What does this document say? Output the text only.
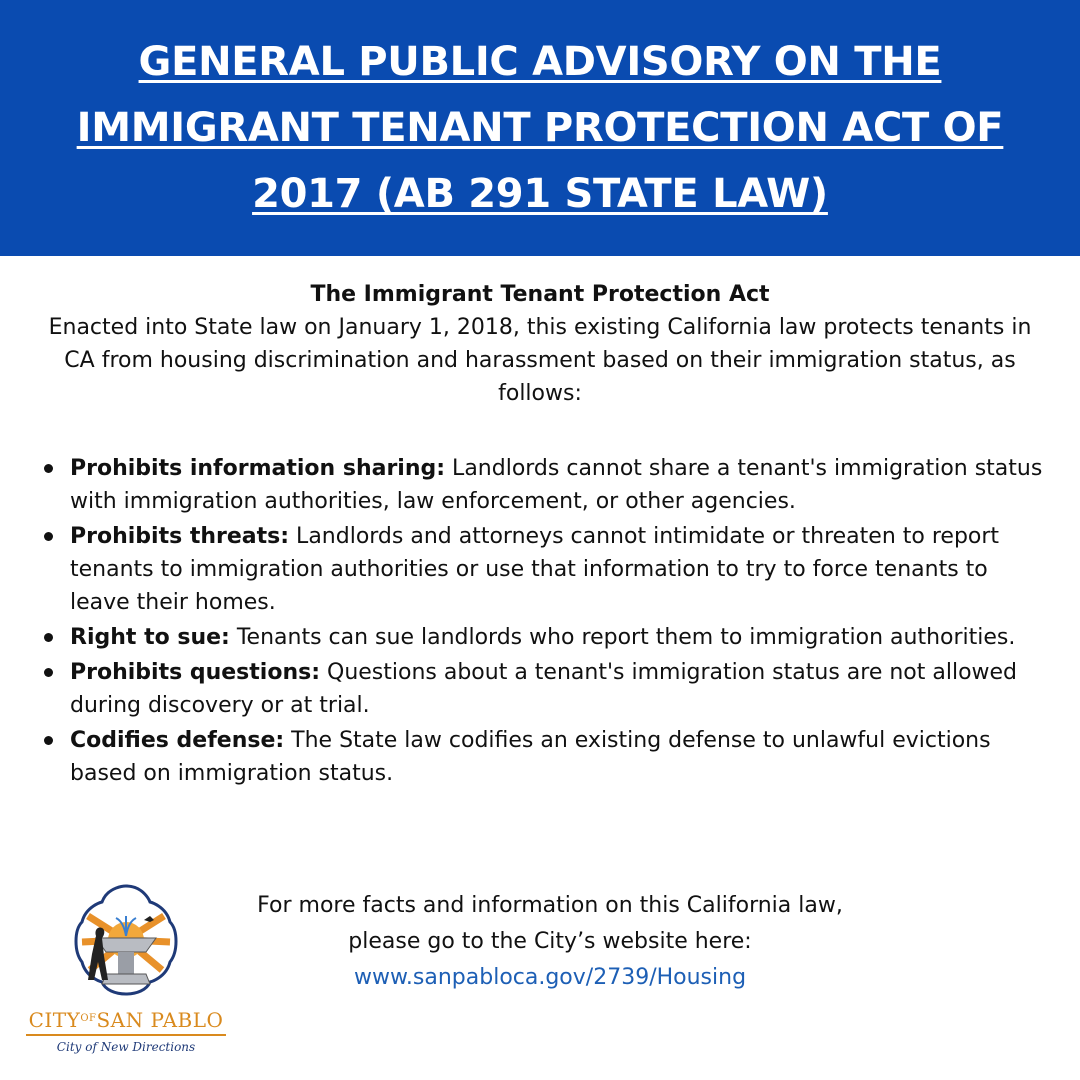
GENERAL PUBLIC ADVISORY ON THE IMMIGRANT TENANT PROTECTION ACT OF 2017 (AB 291 STATE LAW)

The Immigrant Tenant Protection Act

Enacted into State law on January 1, 2018, this existing California law protects tenants in CA from housing discrimination and harassment based on their immigration status, as follows:

Prohibits information sharing: Landlords cannot share a tenant's immigration status with immigration authorities, law enforcement, or other agencies.
Prohibits threats: Landlords and attorneys cannot intimidate or threaten to report tenants to immigration authorities or use that information to try to force tenants to leave their homes.
Right to sue: Tenants can sue landlords who report them to immigration authorities.
Prohibits questions: Questions about a tenant's immigration status are not allowed during discovery or at trial.
Codifies defense: The State law codifies an existing defense to unlawful evictions based on immigration status.
$CITY^{OF}SAN$ PABLO
City of New Directions

For more facts and information on this California law,

please go to the City’s website here:

www.sanpabloca.gov/2739/Housing
